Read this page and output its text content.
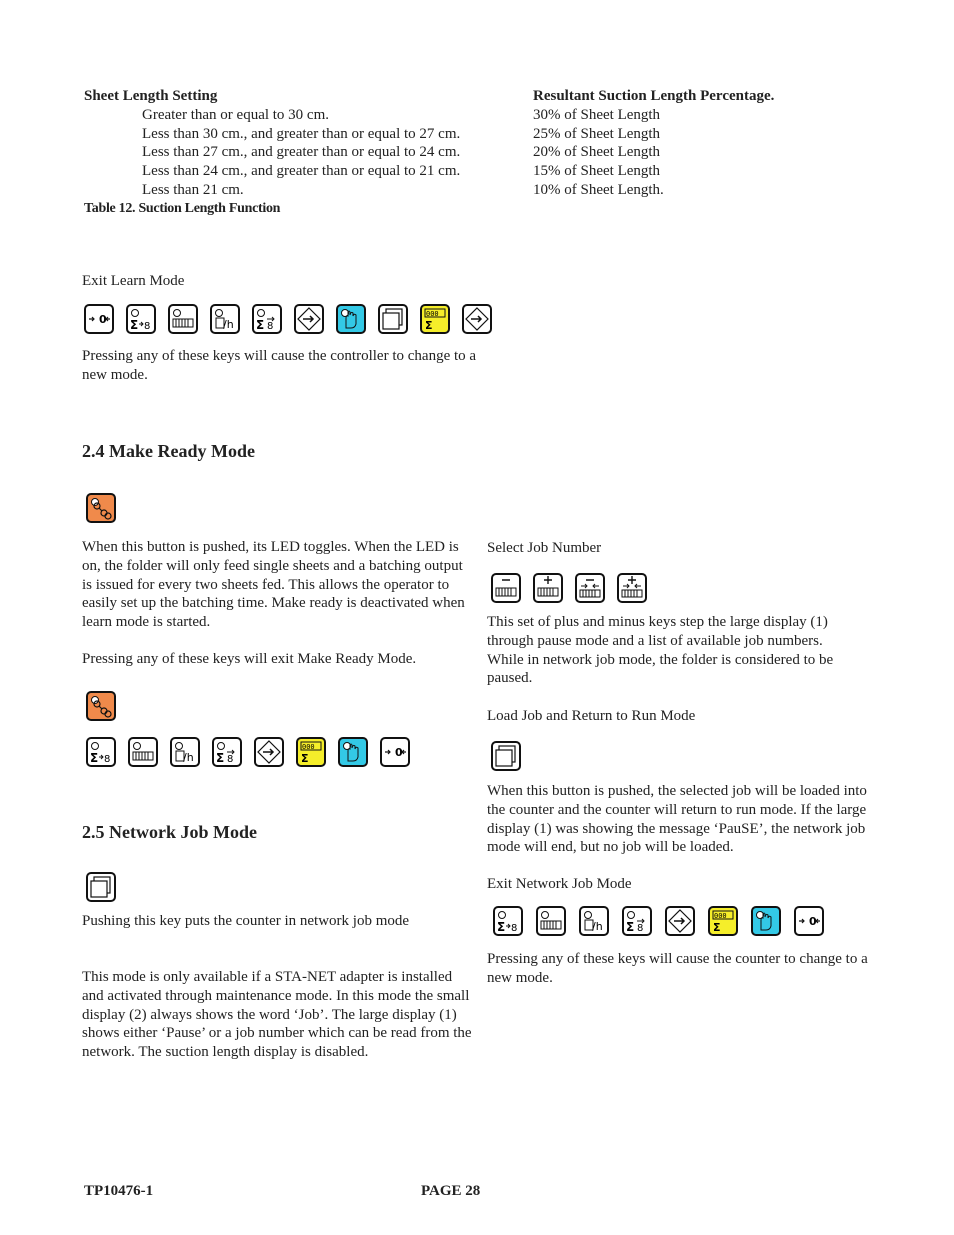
Sheet Length Setting	Resultant Suction Length Percentage.
Greater than or equal to 30 cm.	30% of Sheet Length
Less than 30 cm., and greater than or equal to 27 cm.	25% of Sheet Length
Less than 27 cm., and greater than or equal to 24 cm.	20% of Sheet Length
Less than 24 cm., and greater than or equal to 21 cm.	15% of Sheet Length
Less than 21 cm.	10% of Sheet Length.
Table 12. Suction Length Function
Exit Learn Mode
0 Σ 8	/h Σ 8
000
Σ
Pressing any of these keys will cause the controller to change to a new mode.
2.4 Make Ready Mode
When this button is pushed, its LED toggles. When the LED is on, the folder will only feed single sheets and a batching output is issued for every two sheets fed. This allows the operator to easily set up the batching time. Make ready is deactivated when learn mode is started.
Pressing any of these keys will exit Make Ready Mode.
Σ 8	/h Σ 8
000
Σ	0
2.5 Network Job Mode
Pushing this key puts the counter in network job mode
This mode is only available if a STA-NET adapter is installed and activated through maintenance mode. In this mode the small display (2) always shows the word ‘Job’. The large display (1) shows either ‘Pause’ or a job number which can be read from the network. The suction length display is disabled.
Select Job Number
This set of plus and minus keys step the large display (1) through pause mode and a list of available job numbers. While in network job mode, the folder is considered to be paused.
Load Job and Return to Run Mode
When this button is pushed, the selected job will be loaded into the counter and the counter will return to run mode. If the large display (1) was showing the message ‘PauSE’, the network job mode will end, but no job will be loaded.
Exit Network Job Mode
Σ 8	/h Σ 8
000
Σ	0
Pressing any of these keys will cause the counter to change to a new mode.
TP10476-1	PAGE 28
